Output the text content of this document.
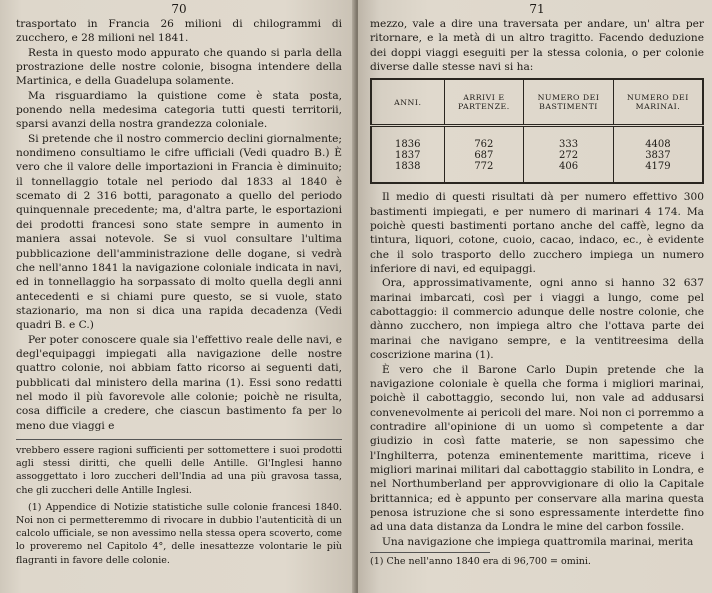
70

trasportato in Francia 26 milioni di chilogrammi di zucchero, e 28 milioni nel 1841.

Resta in questo modo appurato che quando si parla della prostrazione delle nostre colonie, bisogna intendere della Martinica, e della Guadelupa solamente.

Ma risguardiamo la quistione come è stata posta, ponendo nella medesima categoria tutti questi territorii, sparsi avanzi della nostra grandezza coloniale.

Si pretende che il nostro commercio declini giornalmente; nondimeno consultiamo le cifre ufficiali (Vedi quadro B.) È vero che il valore delle importazioni in Francia è diminuito; il tonnellaggio totale nel periodo dal 1833 al 1840 è scemato di 2 316 botti, paragonato a quello del periodo quinquennale precedente; ma, d'altra parte, le esportazioni dei prodotti francesi sono state sempre in aumento in maniera assai notevole. Se si vuol consultare l'ultima pubblicazione dell'amministrazione delle dogane, si vedrà che nell'anno 1841 la navigazione coloniale indicata in navi, ed in tonnellaggio ha sorpassato di molto quella degli anni antecedenti e si chiami pure questo, se si vuole, stato stazionario, ma non si dica una rapida decadenza (Vedi quadri B. e C.)

Per poter conoscere quale sia l'effettivo reale delle navi, e degl'equipaggi impiegati alla navigazione delle nostre quattro colonie, noi abbiam fatto ricorso ai seguenti dati, pubblicati dal ministero della marina (1). Essi sono redatti nel modo il più favorevole alle colonie; poichè ne risulta, cosa difficile a credere, che ciascun bastimento fa per lo meno due viaggi e

vrebbero essere ragioni sufficienti per sottomettere i suoi prodotti agli stessi diritti, che quelli delle Antille. Gl'Inglesi hanno assoggettato i loro zuccheri dell'India ad una più gravosa tassa, che gli zuccheri delle Antille Inglesi.

(1) Appendice di Notizie statistiche sulle colonie francesi 1840. Noi non ci permetteremmo di rivocare in dubbio l'autenticità di un calcolo ufficiale, se non avessimo nella stessa opera scoverto, come lo proveremo nel Capitolo 4°, delle inesattezze volontarie le più flagranti in favore delle colonie.

71

mezzo, vale a dire una traversata per andare, un' altra per ritornare, e la metà di un altro tragitto. Facendo deduzione dei doppi viaggi eseguiti per la stessa colonia, o per colonie diverse dalle stesse navi si ha:

ANNI.	ARRIVI E PARTENZE.	NUMERO DEI BASTIMENTI	NUMERO DEI MARINAI.
1836	762	333	4408
1837	687	272	3837
1838	772	406	4179

Il medio di questi risultati dà per numero effettivo 300 bastimenti impiegati, e per numero di marinari 4 174. Ma poichè questi bastimenti portano anche del caffè, legno da tintura, liquori, cotone, cuoio, cacao, indaco, ec., è evidente che il solo trasporto dello zucchero impiega un numero inferiore di navi, ed equipaggi.

Ora, approssimativamente, ogni anno si hanno 32 637 marinai imbarcati, così per i viaggi a lungo, come pel cabottaggio: il commercio adunque delle nostre colonie, che dànno zucchero, non impiega altro che l'ottava parte dei marinai che navigano sempre, e la ventitreesima della coscrizione marina (1).

È vero che il Barone Carlo Dupin pretende che la navigazione coloniale è quella che forma i migliori marinai, poichè il cabottaggio, secondo lui, non vale ad addusarsi convenevolmente ai pericoli del mare. Noi non ci porremmo a contradire all'opinione di un uomo sì competente a dar giudizio in così fatte materie, se non sapessimo che l'Inghilterra, potenza eminentemente marittima, riceve i migliori marinai militari dal cabottaggio stabilito in Londra, e nel Northumberland per approvvigionare di olio la Capitale brittannica; ed è appunto per conservare alla marina questa penosa istruzione che si sono espressamente interdette fino ad una data distanza da Londra le mine del carbon fossile.

Una navigazione che impiega quattromila marinai, merita

(1) Che nell'anno 1840 era di 96,700 = omini.
